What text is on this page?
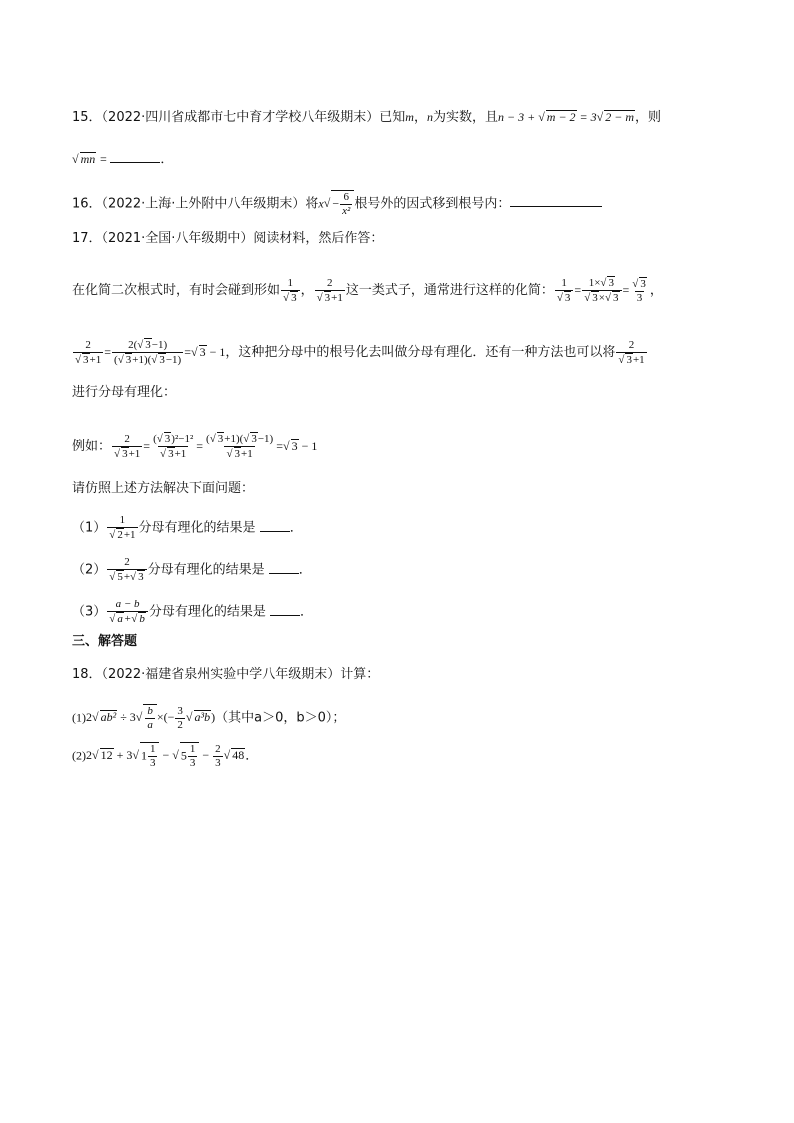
15．（2022·四川省成都市七中育才学校八年级期末）已知m，n为实数，且n − 3 + √ m − 2 = 3√ 2 − m，则
√ mn =	．
16．（2022·上海·上外附中八年级期末）将$x√ - \frac{6}{\text{x²}}$ 根号外的因式移到根号内：
17．（2021·全国·八年级期中）阅读材料，然后作答：
在化简二次根式时，有时会碰到形如 1
√ 3 ， 2
√ 3+1 这一类式子，通常进行这样的化简： 1
√ 3 = 1×√ 3
√ 3×√ 3 =
√ $\frac{3}{3}$ ，
2
√ $3+1 = \frac{2(√ 3-1)}{(√ 3+1)(√ 3-1)}$ =√ 3 − 1，这种把分母中的根号化去叫做分母有理化．还有一种方法也可以将 2
√ 3+1
进行分母有理化：
例如： 2
√ 3+1 = (√ 3)²−1²
√ 3+1 = (√ 3+1)(√ 3−1)
√ 3+1 =√ 3 − 1
请仿照上述方法解决下面问题：
（1） 1
√ 2+1 分母有理化的结果是	．
（2） 2
√ 5+√ 3 分母有理化的结果是	．
（3） a − b
√ a+√ b 分母有理化的结果是	．
三、解答题
18．（2022·福建省泉州实验中学八年级期末）计算：
(1)2√ $ab^2 \div 3√ \frac{b}{a}$ ×(− $\frac{3}{2}$
√ a³b)（其中a＞0，b＞0）；
(2)2√ 12 + 3√ $1 \frac{1}{3}$ − √ $5 \frac{1}{3} - \frac{2}{3}$
√ 48．
